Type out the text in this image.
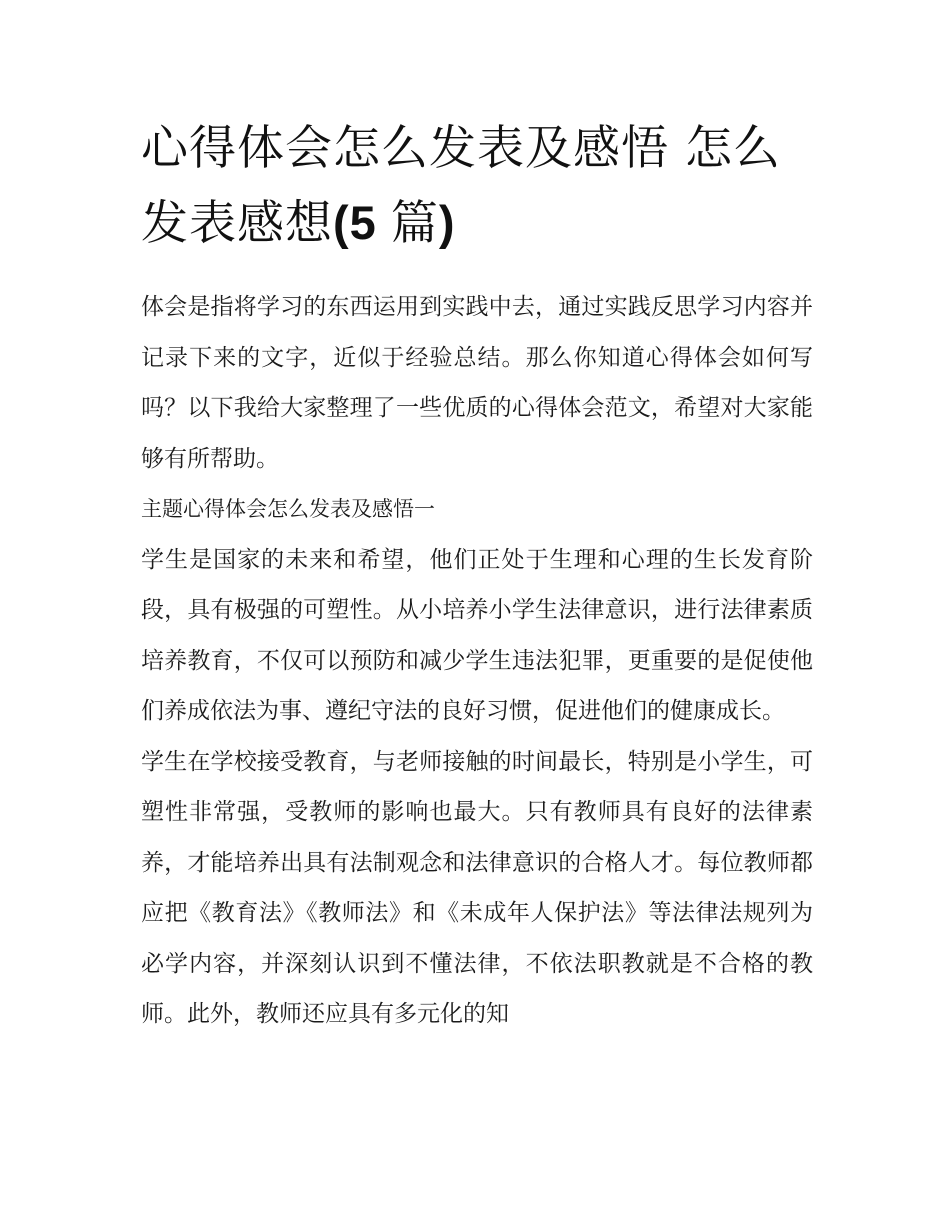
心得体会怎么发表及感悟 怎么
发表感想(5 篇)

体会是指将学习的东西运用到实践中去，通过实践反思学习内容并记录下来的文字，近似于经验总结。那么你知道心得体会如何写吗？以下我给大家整理了一些优质的心得体会范文，希望对大家能够有所帮助。

主题心得体会怎么发表及感悟一

学生是国家的未来和希望，他们正处于生理和心理的生长发育阶段，具有极强的可塑性。从小培养小学生法律意识，进行法律素质培养教育，不仅可以预防和减少学生违法犯罪，更重要的是促使他们养成依法为事、遵纪守法的良好习惯，促进他们的健康成长。

学生在学校接受教育，与老师接触的时间最长，特别是小学生，可塑性非常强，受教师的影响也最大。只有教师具有良好的法律素养，才能培养出具有法制观念和法律意识的合格人才。每位教师都应把《教育法》《教师法》和《未成年人保护法》等法律法规列为必学内容，并深刻认识到不懂法律，不依法职教就是不合格的教师。此外，教师还应具有多元化的知
